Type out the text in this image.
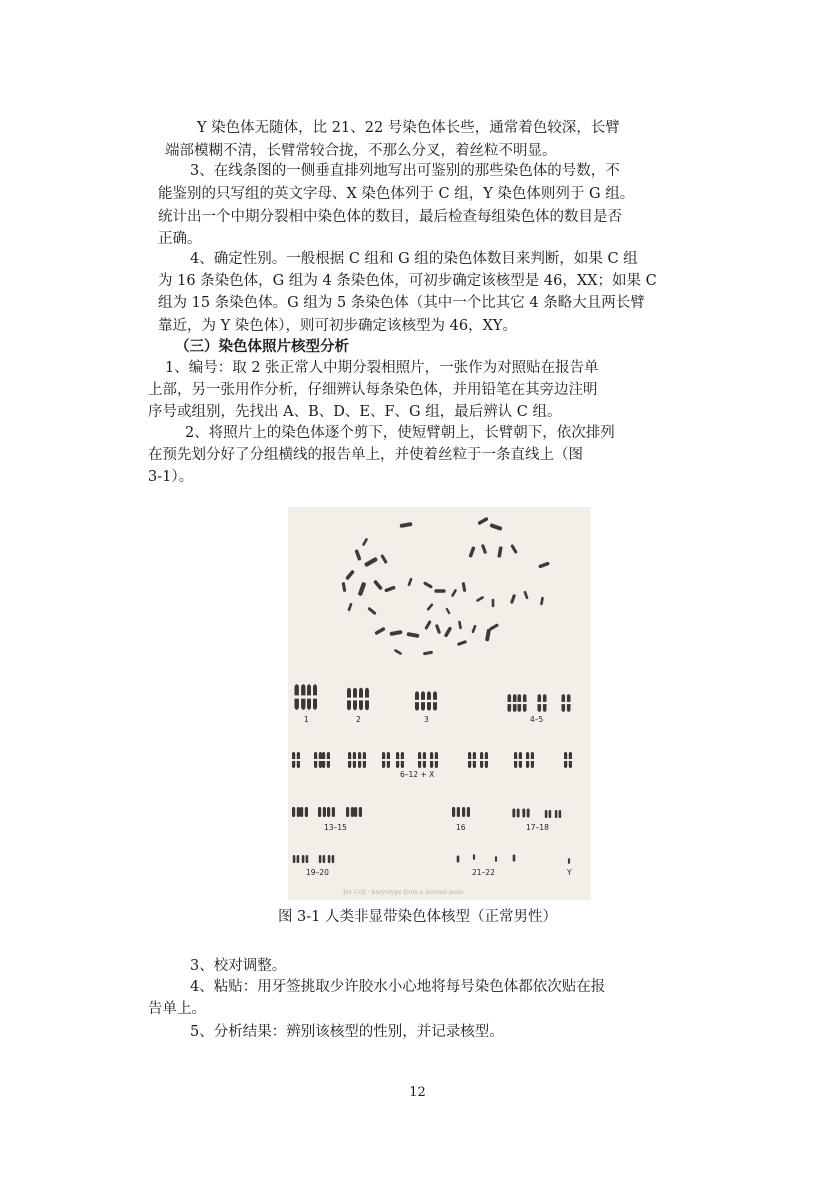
Y 染色体无随体，比 21、22 号染色体长些，通常着色较深，长臂

端部模糊不清，长臂常较合拢，不那么分叉，着丝粒不明显。

3、在线条图的一侧垂直排列地写出可鉴别的那些染色体的号数，不

能鉴别的只写组的英文字母、X 染色体列于 C 组，Y 染色体则列于 G 组。

统计出一个中期分裂相中染色体的数目，最后检查每组染色体的数目是否

正确。

4、确定性别。一般根据 C 组和 G 组的染色体数目来判断，如果 C 组

为 16 条染色体，G 组为 4 条染色体，可初步确定该核型是 46，XX；如果 C

组为 15 条染色体。G 组为 5 条染色体（其中一个比其它 4 条略大且两长臂

靠近，为 Y 染色体），则可初步确定该核型为 46，XY。

（三）染色体照片核型分析

1、编号：取 2 张正常人中期分裂相照片，一张作为对照贴在报告单

上部，另一张用作分析，仔细辨认每条染色体，并用铅笔在其旁边注明

序号或组别，先找出 A、B、D、E、F、G 组，最后辨认 C 组。

2、将照片上的染色体逐个剪下，使短臂朝上，长臂朝下，依次排列

在预先划分好了分组横线的报告单上，并使着丝粒于一条直线上（图

3-1）。

1	2	3	4–5
6–12 + X
13–15	16	17–18
19–20	21–22	Y
Jer Cell · karyotype from a normal male
图 3-1 人类非显带染色体核型（正常男性）

3、校对调整。

4、粘贴：用牙签挑取少许胶水小心地将每号染色体都依次贴在报

告单上。

5、分析结果：辨别该核型的性别，并记录核型。

12
